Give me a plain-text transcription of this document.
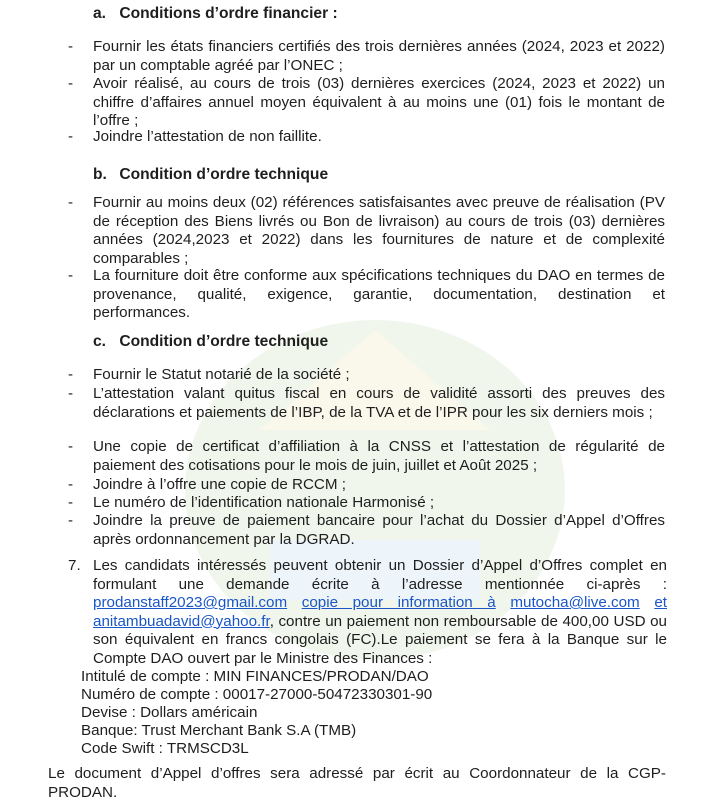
a. Conditions d’ordre financier :
- Fournir les états financiers certifiés des trois dernières années (2024, 2023 et 2022) par un comptable agréé par l’ONEC ;
- Avoir réalisé, au cours de trois (03) dernières exercices (2024, 2023 et 2022) un chiffre d’affaires annuel moyen équivalent à au moins une (01) fois le montant de l’offre ;
- Joindre l’attestation de non faillite.
b. Condition d’ordre technique
- Fournir au moins deux (02) références satisfaisantes avec preuve de réalisation (PV de réception des Biens livrés ou Bon de livraison) au cours de trois (03) dernières années (2024,2023 et 2022) dans les fournitures de nature et de complexité comparables ;
- La fourniture doit être conforme aux spécifications techniques du DAO en termes de provenance, qualité, exigence, garantie, documentation, destination et performances.
c. Condition d’ordre technique
- Fournir le Statut notarié de la société ;
- L’attestation valant quitus fiscal en cours de validité assorti des preuves des déclarations et paiements de l’IBP, de la TVA et de l’IPR pour les six derniers mois ;
- Une copie de certificat d’affiliation à la CNSS et l’attestation de régularité de paiement des cotisations pour le mois de juin, juillet et Août 2025 ;
- Joindre à l’offre une copie de RCCM ;
- Le numéro de l’identification nationale Harmonisé ;
- Joindre la preuve de paiement bancaire pour l’achat du Dossier d’Appel d’Offres après ordonnancement par la DGRAD.
7. Les candidats intéressés peuvent obtenir un Dossier d’Appel d’Offres complet en formulant une demande écrite à l’adresse mentionnée ci-après : prodanstaff2023@gmail.com copie pour information à mutocha@live.com et anitambuadavid@yahoo.fr, contre un paiement non remboursable de 400,00 USD ou son équivalent en francs congolais (FC).Le paiement se fera à la Banque sur le Compte DAO ouvert par le Ministre des Finances :
Intitulé de compte : MIN FINANCES/PRODAN/DAO
Numéro de compte : 00017-27000-50472330301-90
Devise : Dollars américain
Banque: Trust Merchant Bank S.A (TMB)
Code Swift : TRMSCD3L
Le document d’Appel d’offres sera adressé par écrit au Coordonnateur de la CGP-PRODAN.
